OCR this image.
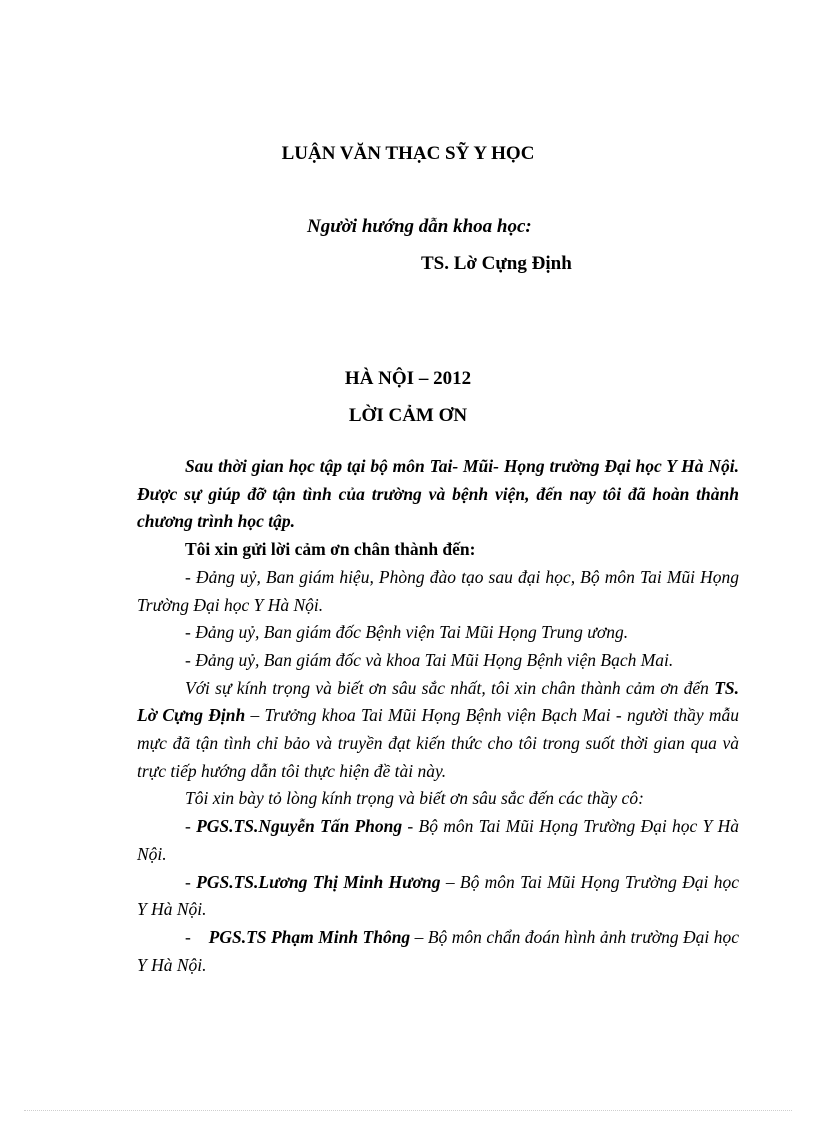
LUẬN VĂN THẠC SỸ Y HỌC
Người hướng dẫn khoa học:
TS. Lờ Cựng Định
HÀ NỘI – 2012
LỜI CẢM ƠN

Sau thời gian học tập tại bộ môn Tai- Mũi- Họng trường Đại học Y Hà Nội. Được sự giúp đỡ tận tình của trường và bệnh viện, đến nay tôi đã hoàn thành chương trình học tập.

Tôi xin gửi lời cảm ơn chân thành đến:

- Đảng uỷ, Ban giám hiệu, Phòng đào tạo sau đại học, Bộ môn Tai Mũi Họng Trường Đại học Y Hà Nội.

- Đảng uỷ, Ban giám đốc Bệnh viện Tai Mũi Họng Trung ương.

- Đảng uỷ, Ban giám đốc và khoa Tai Mũi Họng Bệnh viện Bạch Mai.

Với sự kính trọng và biết ơn sâu sắc nhất, tôi xin chân thành cảm ơn đến TS. Lờ Cựng Định – Trưởng khoa Tai Mũi Họng Bệnh viện Bạch Mai - người thầy mẫu mực đã tận tình chỉ bảo và truyền đạt kiến thức cho tôi trong suốt thời gian qua và trực tiếp hướng dẫn tôi thực hiện đề tài này.

Tôi xin bày tỏ lòng kính trọng và biết ơn sâu sắc đến các thầy cô:

- PGS.TS.Nguyễn Tấn Phong - Bộ môn Tai Mũi Họng Trường Đại học Y Hà Nội.

- PGS.TS.Lương Thị Minh Hương – Bộ môn Tai Mũi Họng Trường Đại học Y Hà Nội.

-    PGS.TS Phạm Minh Thông – Bộ môn chẩn đoán hình ảnh trường Đại học Y Hà Nội.
